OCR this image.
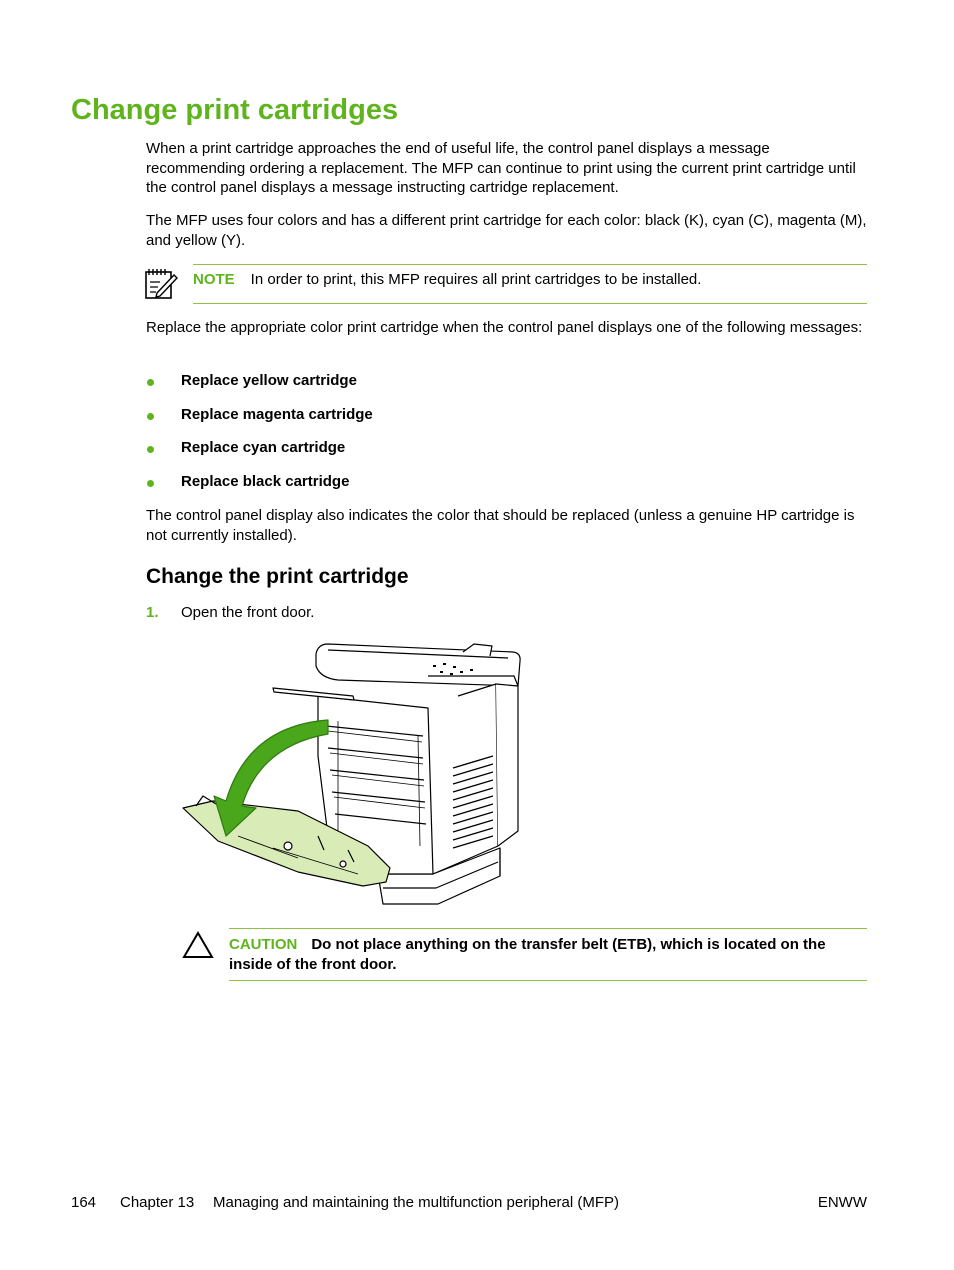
Change print cartridges

When a print cartridge approaches the end of useful life, the control panel displays a message recommending ordering a replacement. The MFP can continue to print using the current print cartridge until the control panel displays a message instructing cartridge replacement.

The MFP uses four colors and has a different print cartridge for each color: black (K), cyan (C), magenta (M), and yellow (Y).

NOTE In order to print, this MFP requires all print cartridges to be installed.

Replace the appropriate color print cartridge when the control panel displays one of the following messages:

Replace yellow cartridge
Replace magenta cartridge
Replace cyan cartridge
Replace black cartridge

The control panel display also indicates the color that should be replaced (unless a genuine HP cartridge is not currently installed).

Change the print cartridge
1. Open the front door.
CAUTION Do not place anything on the transfer belt (ETB), which is located on the inside of the front door.
164 Chapter 13 Managing and maintaining the multifunction peripheral (MFP)	ENWW
